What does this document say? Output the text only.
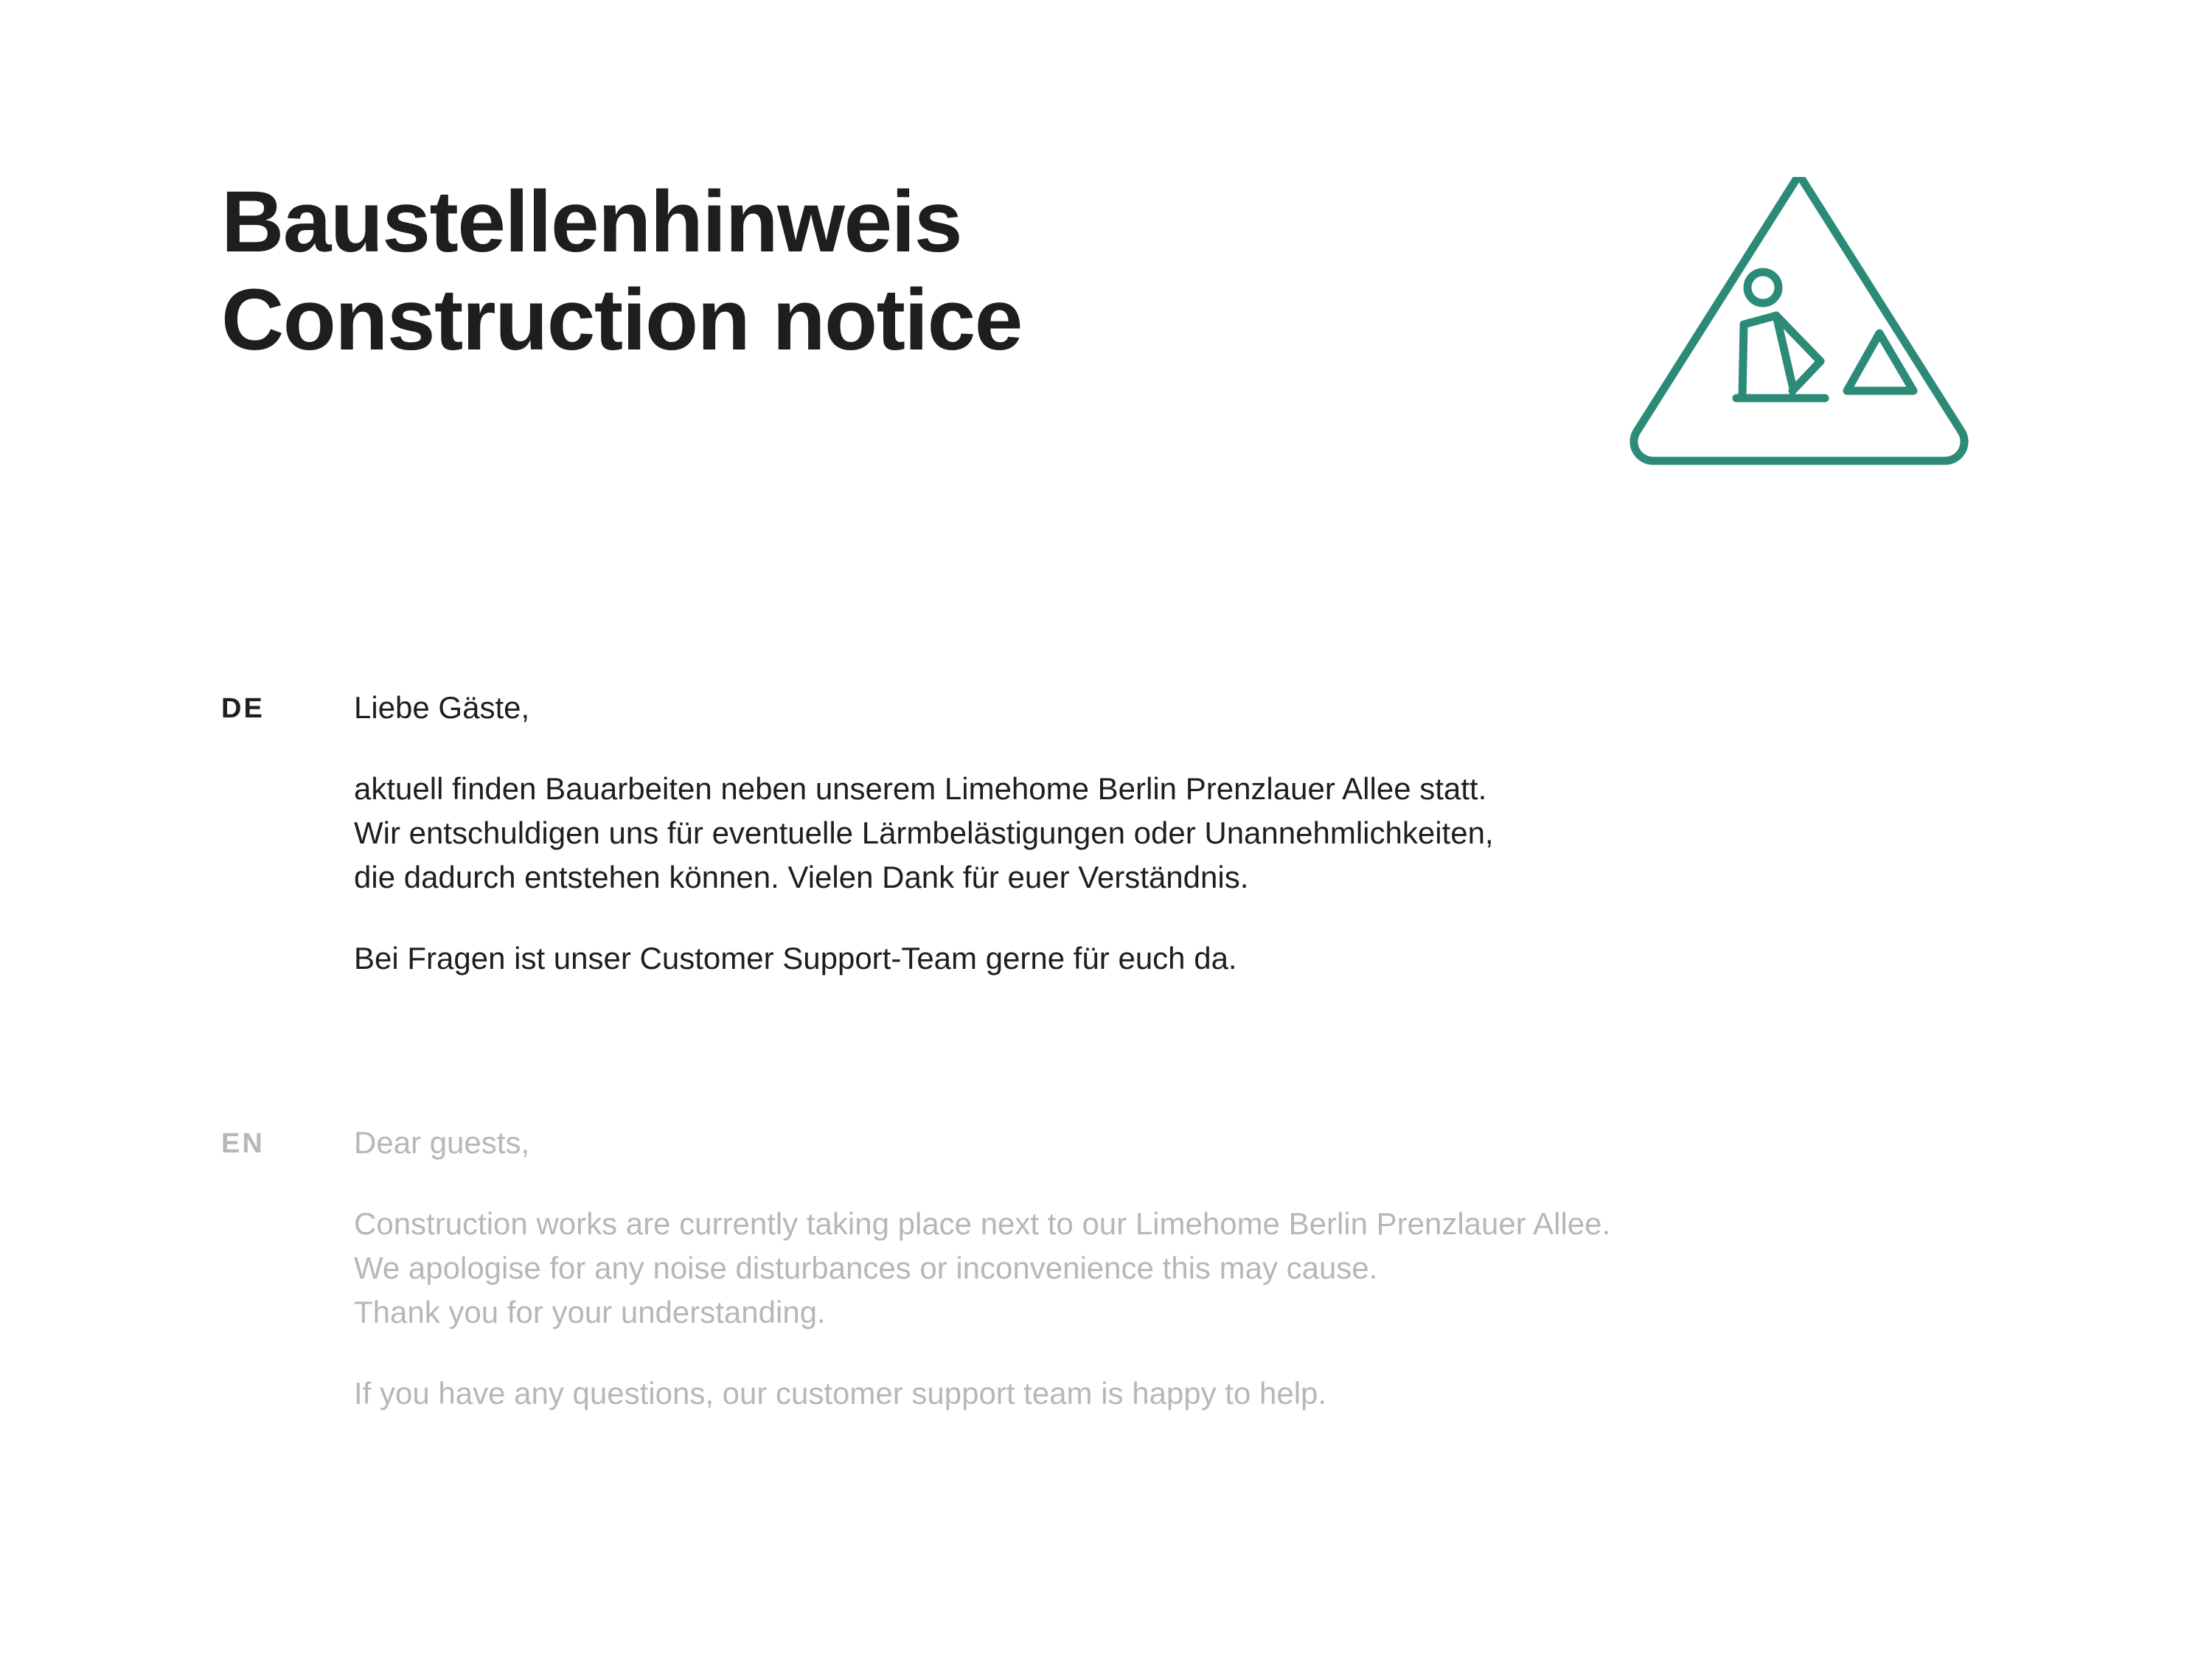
Baustellenhinweis
Construction notice
DE	Liebe Gäste,

aktuell finden Bauarbeiten neben unserem Limehome Berlin Prenzlauer Allee statt.
Wir entschuldigen uns für eventuelle Lärmbelästigungen oder Unannehmlichkeiten,
die dadurch entstehen können. Vielen Dank für euer Verständnis.

Bei Fragen ist unser Customer Support-Team gerne für euch da.

EN	Dear guests,

Construction works are currently taking place next to our Limehome Berlin Prenzlauer Allee.
We apologise for any noise disturbances or inconvenience this may cause.
Thank you for your understanding.

If you have any questions, our customer support team is happy to help.
